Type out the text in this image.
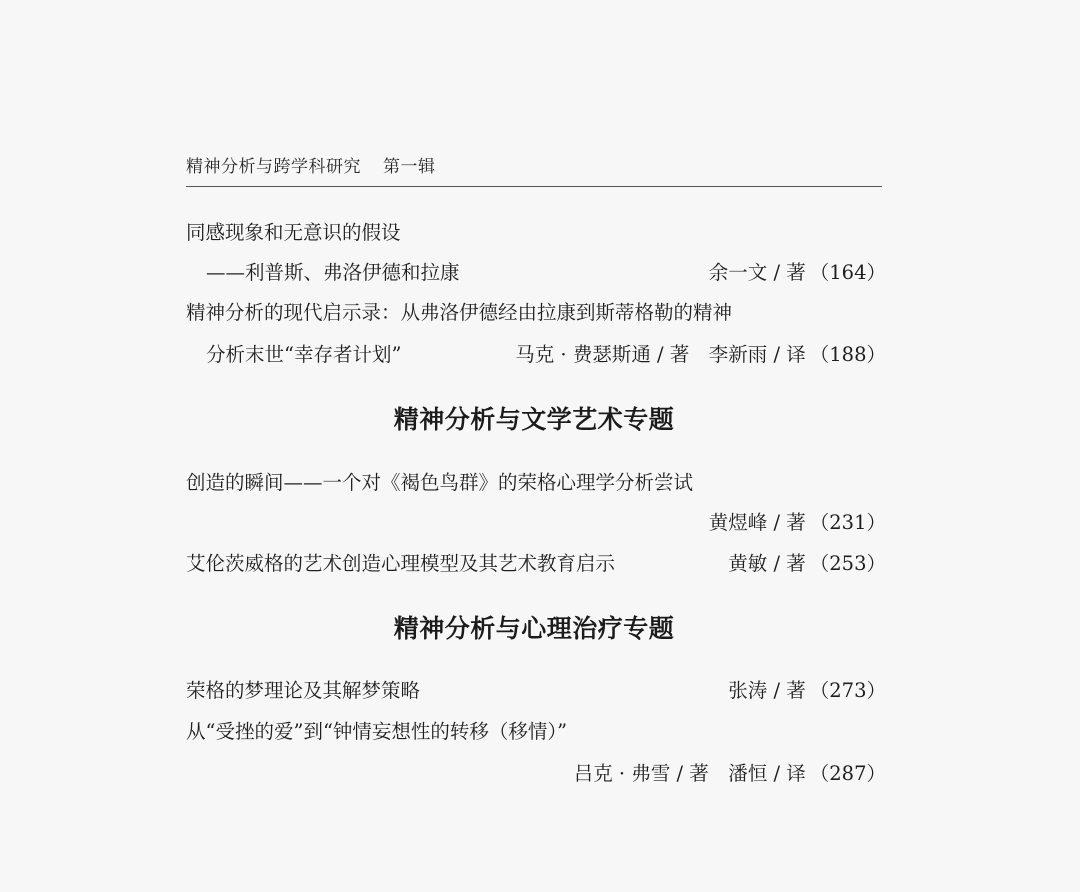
精神分析与跨学科研究 第一辑
同感现象和无意识的假设
——利普斯、弗洛伊德和拉康	余一文 / 著 （164）
精神分析的现代启示录：从弗洛伊德经由拉康到斯蒂格勒的精神
分析末世“幸存者计划”	马克 · 费瑟斯通 / 著　李新雨 / 译 （188）
精神分析与文学艺术专题
创造的瞬间——一个对《褐色鸟群》的荣格心理学分析尝试
黄煜峰 / 著 （231）
艾伦茨威格的艺术创造心理模型及其艺术教育启示	黄敏 / 著 （253）
精神分析与心理治疗专题
荣格的梦理论及其解梦策略	张涛 / 著 （273）
从“受挫的爱”到“钟情妄想性的转移（移情）”
吕克 · 弗雪 / 著　潘恒 / 译 （287）
